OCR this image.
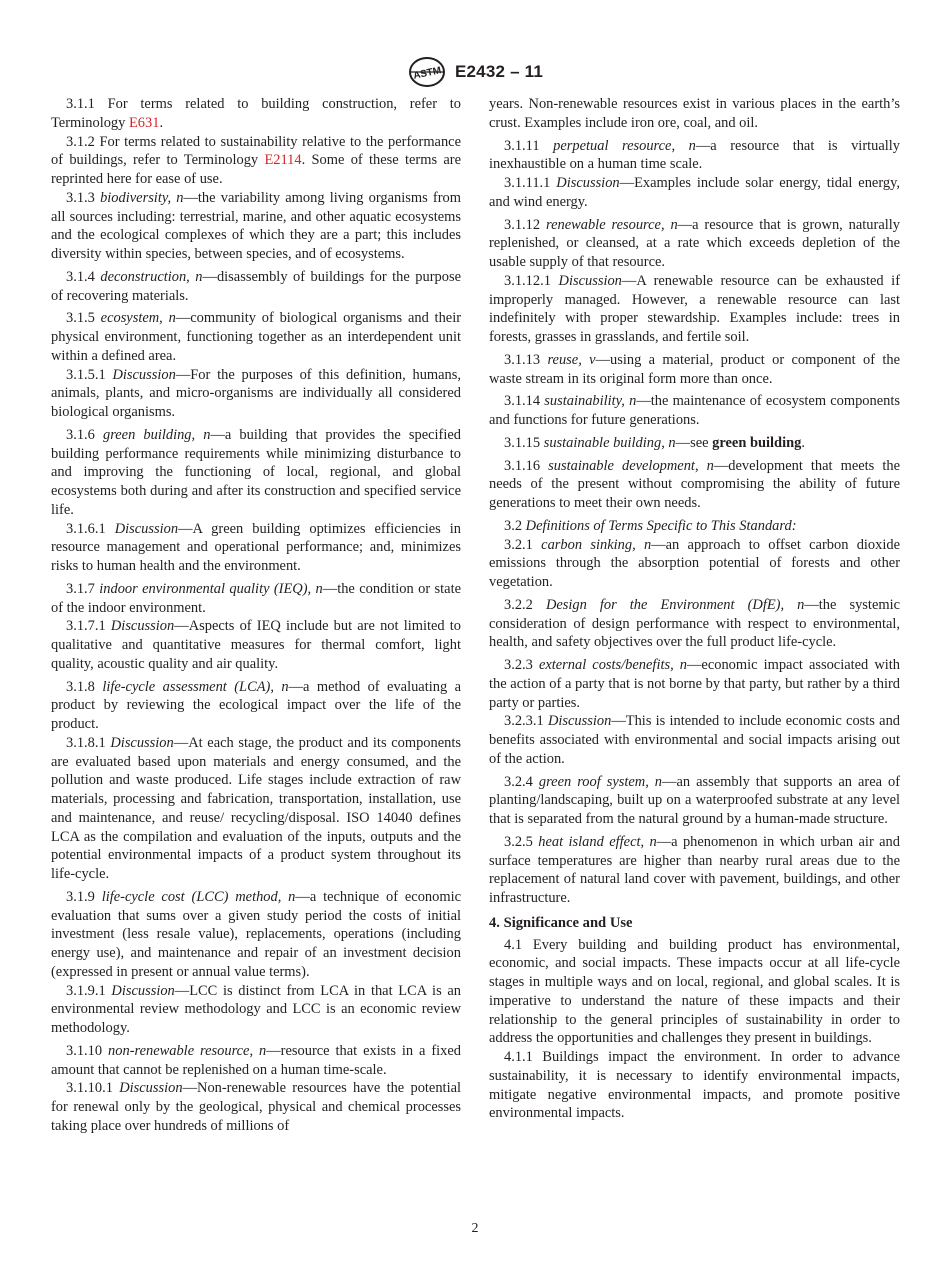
ASTM E2432 – 11

3.1.1 For terms related to building construction, refer to Terminology E631.

3.1.2 For terms related to sustainability relative to the performance of buildings, refer to Terminology E2114. Some of these terms are reprinted here for ease of use.

3.1.3 biodiversity, n—the variability among living organisms from all sources including: terrestrial, marine, and other aquatic ecosystems and the ecological complexes of which they are a part; this includes diversity within species, between species, and of ecosystems.

3.1.4 deconstruction, n—disassembly of buildings for the purpose of recovering materials.

3.1.5 ecosystem, n—community of biological organisms and their physical environment, functioning together as an interdependent unit within a defined area.

3.1.5.1 Discussion—For the purposes of this definition, humans, animals, plants, and micro-organisms are individually all considered biological organisms.

3.1.6 green building, n—a building that provides the specified building performance requirements while minimizing disturbance to and improving the functioning of local, regional, and global ecosystems both during and after its construction and specified service life.

3.1.6.1 Discussion—A green building optimizes efficiencies in resource management and operational performance; and, minimizes risks to human health and the environment.

3.1.7 indoor environmental quality (IEQ), n—the condition or state of the indoor environment.

3.1.7.1 Discussion—Aspects of IEQ include but are not limited to qualitative and quantitative measures for thermal comfort, light quality, acoustic quality and air quality.

3.1.8 life-cycle assessment (LCA), n—a method of evaluating a product by reviewing the ecological impact over the life of the product.

3.1.8.1 Discussion—At each stage, the product and its components are evaluated based upon materials and energy consumed, and the pollution and waste produced. Life stages include extraction of raw materials, processing and fabrication, transportation, installation, use and maintenance, and reuse/ recycling/disposal. ISO 14040 defines LCA as the compilation and evaluation of the inputs, outputs and the potential environmental impacts of a product system throughout its life-cycle.

3.1.9 life-cycle cost (LCC) method, n—a technique of economic evaluation that sums over a given study period the costs of initial investment (less resale value), replacements, operations (including energy use), and maintenance and repair of an investment decision (expressed in present or annual value terms).

3.1.9.1 Discussion—LCC is distinct from LCA in that LCA is an environmental review methodology and LCC is an economic review methodology.

3.1.10 non-renewable resource, n—resource that exists in a fixed amount that cannot be replenished on a human time-scale.

3.1.10.1 Discussion—Non-renewable resources have the potential for renewal only by the geological, physical and chemical processes taking place over hundreds of millions of

years. Non-renewable resources exist in various places in the earth’s crust. Examples include iron ore, coal, and oil.

3.1.11 perpetual resource, n—a resource that is virtually inexhaustible on a human time scale.

3.1.11.1 Discussion—Examples include solar energy, tidal energy, and wind energy.

3.1.12 renewable resource, n—a resource that is grown, naturally replenished, or cleansed, at a rate which exceeds depletion of the usable supply of that resource.

3.1.12.1 Discussion—A renewable resource can be exhausted if improperly managed. However, a renewable resource can last indefinitely with proper stewardship. Examples include: trees in forests, grasses in grasslands, and fertile soil.

3.1.13 reuse, v—using a material, product or component of the waste stream in its original form more than once.

3.1.14 sustainability, n—the maintenance of ecosystem components and functions for future generations.

3.1.15 sustainable building, n—see green building.

3.1.16 sustainable development, n—development that meets the needs of the present without compromising the ability of future generations to meet their own needs.

3.2 Definitions of Terms Specific to This Standard:

3.2.1 carbon sinking, n—an approach to offset carbon dioxide emissions through the absorption potential of forests and other vegetation.

3.2.2 Design for the Environment (DfE), n—the systemic consideration of design performance with respect to environmental, health, and safety objectives over the full product life-cycle.

3.2.3 external costs/benefits, n—economic impact associated with the action of a party that is not borne by that party, but rather by a third party or parties.

3.2.3.1 Discussion—This is intended to include economic costs and benefits associated with environmental and social impacts arising out of the action.

3.2.4 green roof system, n—an assembly that supports an area of planting/landscaping, built up on a waterproofed substrate at any level that is separated from the natural ground by a human-made structure.

3.2.5 heat island effect, n—a phenomenon in which urban air and surface temperatures are higher than nearby rural areas due to the replacement of natural land cover with pavement, buildings, and other infrastructure.

4. Significance and Use

4.1 Every building and building product has environmental, economic, and social impacts. These impacts occur at all life-cycle stages in multiple ways and on local, regional, and global scales. It is imperative to understand the nature of these impacts and their relationship to the general principles of sustainability in order to address the opportunities and challenges they present in buildings.

4.1.1 Buildings impact the environment. In order to advance sustainability, it is necessary to identify environmental impacts, mitigate negative environmental impacts, and promote positive environmental impacts.

2
